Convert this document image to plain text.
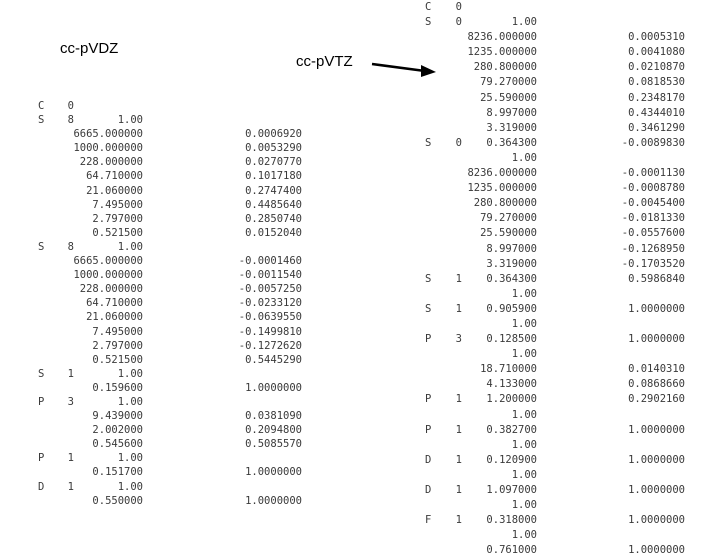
cc-pVDZ
cc-pVTZ
C
S
S
S
P
P
D
0
8
8
1
3
1
1
1.00
6665.000000
1000.000000
228.000000
64.710000
21.060000
7.495000
2.797000
0.521500
1.00
6665.000000
1000.000000
228.000000
64.710000
21.060000
7.495000
2.797000
0.521500
1.00
0.159600
1.00
9.439000
2.002000
0.545600
1.00
0.151700
1.00
0.550000
0.0006920
0.0053290
0.0270770
0.1017180
0.2747400
0.4485640
0.2850740
0.0152040
-0.0001460
-0.0011540
-0.0057250
-0.0233120
-0.0639550
-0.1499810
-0.1272620
0.5445290
1.0000000
0.0381090
0.2094800
0.5085570
1.0000000
1.0000000
C
S
S
S
S
P
P
P
D
D
F
0
0
0
1
1
3
1
1
1
1
1
1.00
8236.000000
1235.000000
280.800000
79.270000
25.590000
8.997000
3.319000
0.364300
1.00
8236.000000
1235.000000
280.800000
79.270000
25.590000
8.997000
3.319000
0.364300
1.00
0.905900
1.00
0.128500
1.00
18.710000
4.133000
1.200000
1.00
0.382700
1.00
0.120900
1.00
1.097000
1.00
0.318000
1.00
0.761000
0.0005310
0.0041080
0.0210870
0.0818530
0.2348170
0.4344010
0.3461290
-0.0089830
-0.0001130
-0.0008780
-0.0045400
-0.0181330
-0.0557600
-0.1268950
-0.1703520
0.5986840
1.0000000
1.0000000
0.0140310
0.0868660
0.2902160
1.0000000
1.0000000
1.0000000
1.0000000
1.0000000
